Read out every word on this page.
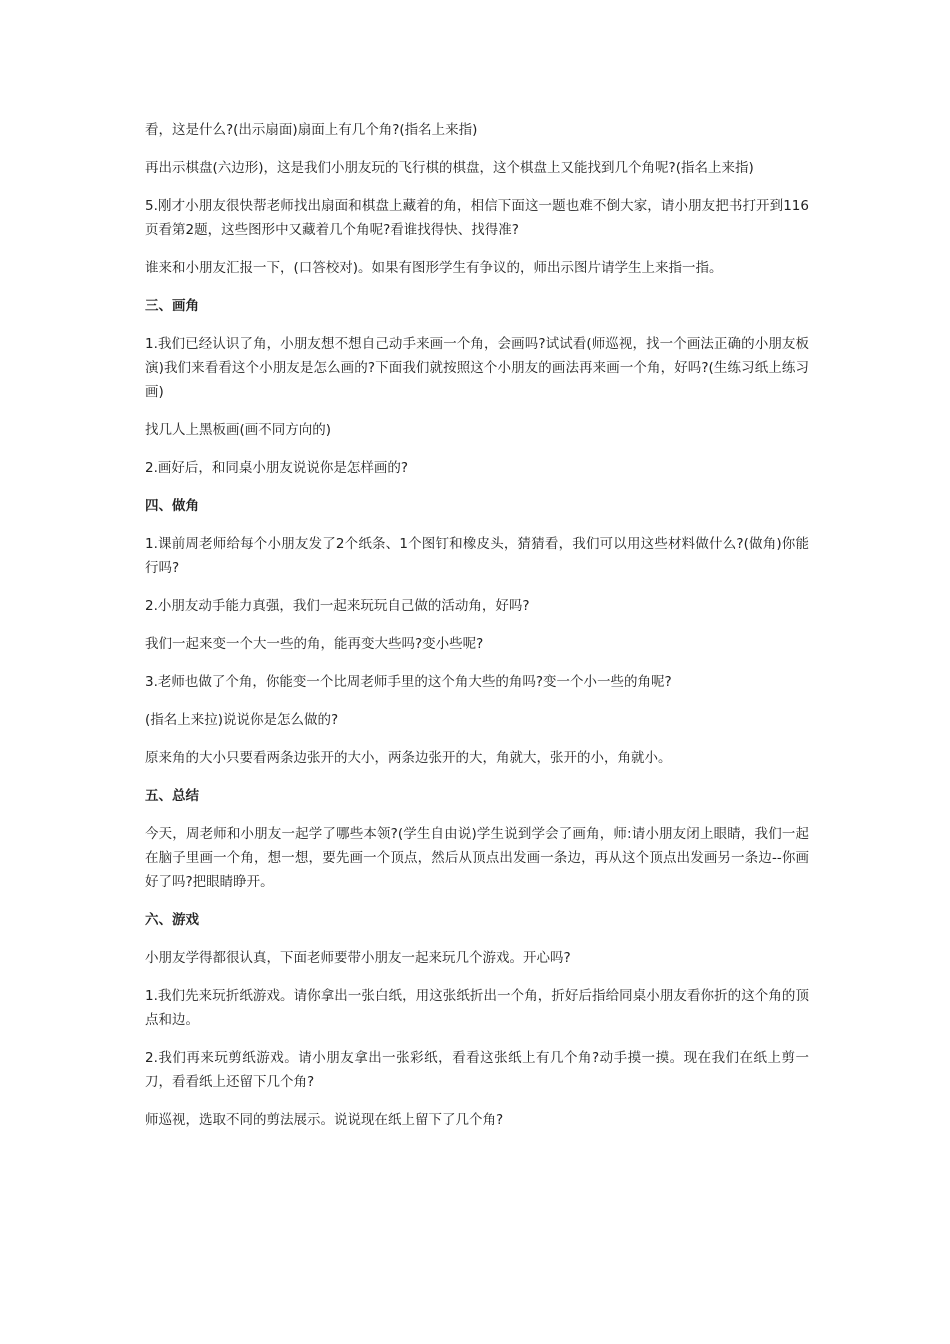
看，这是什么?(出示扇面)扇面上有几个角?(指名上来指)

再出示棋盘(六边形)，这是我们小朋友玩的飞行棋的棋盘，这个棋盘上又能找到几个角呢?(指名上来指)

5.刚才小朋友很快帮老师找出扇面和棋盘上藏着的角，相信下面这一题也难不倒大家，请小朋友把书打开到116页看第2题，这些图形中又藏着几个角呢?看谁找得快、找得准?

谁来和小朋友汇报一下，(口答校对)。如果有图形学生有争议的，师出示图片请学生上来指一指。

三、画角

1.我们已经认识了角，小朋友想不想自己动手来画一个角，会画吗?试试看(师巡视，找一个画法正确的小朋友板演)我们来看看这个小朋友是怎么画的?下面我们就按照这个小朋友的画法再来画一个角，好吗?(生练习纸上练习画)

找几人上黑板画(画不同方向的)

2.画好后，和同桌小朋友说说你是怎样画的?

四、做角

1.课前周老师给每个小朋友发了2个纸条、1个图钉和橡皮头，猜猜看，我们可以用这些材料做什么?(做角)你能行吗?

2.小朋友动手能力真强，我们一起来玩玩自己做的活动角，好吗?

我们一起来变一个大一些的角，能再变大些吗?变小些呢?

3.老师也做了个角，你能变一个比周老师手里的这个角大些的角吗?变一个小一些的角呢?

(指名上来拉)说说你是怎么做的?

原来角的大小只要看两条边张开的大小，两条边张开的大，角就大，张开的小，角就小。

五、总结

今天，周老师和小朋友一起学了哪些本领?(学生自由说)学生说到学会了画角，师:请小朋友闭上眼睛，我们一起在脑子里画一个角，想一想，要先画一个顶点，然后从顶点出发画一条边，再从这个顶点出发画另一条边--你画好了吗?把眼睛睁开。

六、游戏

小朋友学得都很认真，下面老师要带小朋友一起来玩几个游戏。开心吗?

1.我们先来玩折纸游戏。请你拿出一张白纸，用这张纸折出一个角，折好后指给同桌小朋友看你折的这个角的顶点和边。

2.我们再来玩剪纸游戏。请小朋友拿出一张彩纸，看看这张纸上有几个角?动手摸一摸。现在我们在纸上剪一刀，看看纸上还留下几个角?

师巡视，选取不同的剪法展示。说说现在纸上留下了几个角?
